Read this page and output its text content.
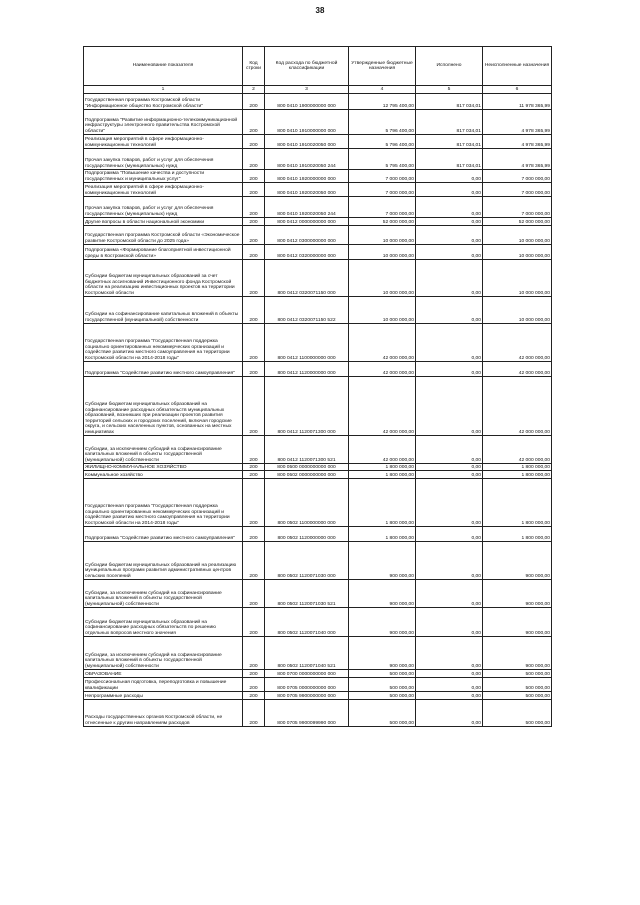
38
Наименование показателя	Код строки	Код расхода по бюджетной классификации	Утвержденные бюджетные назначения	Исполнено	Неисполненные назначения
1	2	3	4	5	6
Государственная программа Костромской области "Информационное общество Костромской области"	200	800 0410 1900000000 000	12 795 400,00	817 034,01	11 978 365,99
Подпрограмма "Развитие информационно-телекоммуникационной инфраструктуры электронного правительства Костромской области"	200	800 0410 1910000000 000	5 796 400,00	817 034,01	4 978 365,99
Реализация мероприятий в сфере информационно-коммуникационных технологий	200	800 0410 1910020050 000	5 796 400,00	817 034,01	4 978 365,99
Прочая закупка товаров, работ и услуг для обеспечения государственных (муниципальных) нужд	200	800 0410 1910020050 244	5 795 400,00	817 034,01	4 978 365,99
Подпрограмма "Повышение качества и доступности государственных и муниципальных услуг"	200	800 0410 1920000000 000	7 000 000,00	0,00	7 000 000,00
Реализация мероприятий в сфере информационно-коммуникационных технологий	200	800 0410 1920020050 000	7 000 000,00	0,00	7 000 000,00
Прочая закупка товаров, работ и услуг для обеспечения государственных (муниципальных) нужд	200	800 0410 1920020050 244	7 000 000,00	0,00	7 000 000,00
Другие вопросы в области национальной экономики	200	800 0412 0000000000 000	52 000 000,00	0,00	52 000 000,00
Государственная программа Костромской области «Экономическое развитие Костромской области до 2025 года»	200	800 0412 0300000000 000	10 000 000,00	0,00	10 000 000,00
Подпрограмма «Формирование благоприятной инвестиционной среды в Костромской области»	200	800 0412 0320000000 000	10 000 000,00	0,00	10 000 000,00
Субсидии бюджетам муниципальных образований за счет бюджетных ассигнований Инвестиционного фонда Костромской области на реализацию инвестиционных проектов на территории Костромской области	200	800 0412 0320071150 000	10 000 000,00	0,00	10 000 000,00
Субсидии на софинансирование капитальных вложений в объекты государственной (муниципальной) собственности	200	800 0412 0320071150 522	10 000 000,00	0,00	10 000 000,00
Государственная программа "Государственная поддержка социально ориентированных некоммерческих организаций и содействие развитию местного самоуправления на территории Костромской области на 2014-2018 годы"	200	800 0412 1100000000 000	42 000 000,00	0,00	42 000 000,00
Подпрограмма "Содействие развитию местного самоуправления"	200	800 0412 1120000000 000	42 000 000,00	0,00	42 000 000,00
Субсидии бюджетам муниципальных образований на софинансирование расходных обязательств муниципальных образований, возникших при реализации проектов развития территорий сельских и городских поселений, включая городские округа, и сельских населенных пунктов, основанных на местных инициативах	200	800 0412 1120071300 000	42 000 000,00	0,00	42 000 000,00
Субсидии, за исключением субсидий на софинансирование капитальных вложений в объекты государственной (муниципальной) собственности	200	800 0412 1120071300 521	42 000 000,00	0,00	42 000 000,00
ЖИЛИЩНО-КОММУНАЛЬНОЕ ХОЗЯЙСТВО	200	800 0500 0000000000 000	1 800 000,00	0,00	1 800 000,00
Коммунальное хозяйство	200	800 0502 0000000000 000	1 800 000,00	0,00	1 800 000,00
Государственная программа "Государственная поддержка социально ориентированных некоммерческих организаций и содействие развитию местного самоуправления на территории Костромской области на 2014-2018 годы"	200	800 0502 1100000000 000	1 800 000,00	0,00	1 800 000,00
Подпрограмма "Содействие развитию местного самоуправления"	200	800 0502 1120000000 000	1 800 000,00	0,00	1 800 000,00
Субсидии бюджетам муниципальных образований на реализацию муниципальных программ развития административных центров сельских поселений	200	800 0502 1120071030 000	900 000,00	0,00	900 000,00
Субсидии, за исключением субсидий на софинансирование капитальных вложений в объекты государственной (муниципальной) собственности	200	800 0502 1120071030 521	900 000,00	0,00	900 000,00
Субсидии бюджетам муниципальных образований на софинансирование расходных обязательств по решению отдельных вопросов местного значения	200	800 0502 1120071040 000	900 000,00	0,00	900 000,00
Субсидии, за исключением субсидий на софинансирование капитальных вложений в объекты государственной (муниципальной) собственности	200	800 0502 1120071040 521	900 000,00	0,00	900 000,00
ОБРАЗОВАНИЕ	200	800 0700 0000000000 000	500 000,00	0,00	500 000,00
Профессиональная подготовка, переподготовка и повышение квалификации	200	800 0705 0000000000 000	500 000,00	0,00	500 000,00
Непрограммные расходы	200	800 0705 9900000000 000	500 000,00	0,00	500 000,00
Расходы государственных органов Костромской области, не отнесенные к другим направлениям расходов	200	800 0705 9900099990 000	500 000,00	0,00	500 000,00
